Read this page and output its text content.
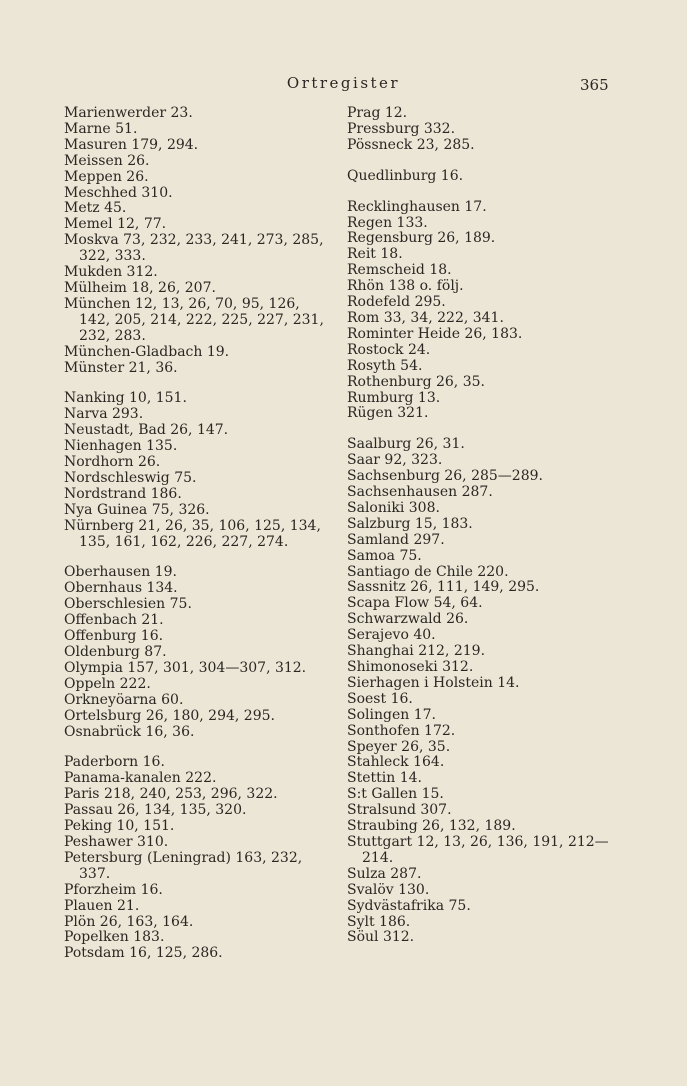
Ortregister	365
Marienwerder 23.
Marne 51.
Masuren 179, 294.
Meissen 26.
Meppen 26.
Meschhed 310.
Metz 45.
Memel 12, 77.
Moskva 73, 232, 233, 241, 273, 285, 322, 333.
Mukden 312.
Mülheim 18, 26, 207.
München 12, 13, 26, 70, 95, 126, 142, 205, 214, 222, 225, 227, 231, 232, 283.
München-Gladbach 19.
Münster 21, 36.
Nanking 10, 151.
Narva 293.
Neustadt, Bad 26, 147.
Nienhagen 135.
Nordhorn 26.
Nordschleswig 75.
Nordstrand 186.
Nya Guinea 75, 326.
Nürnberg 21, 26, 35, 106, 125, 134, 135, 161, 162, 226, 227, 274.
Oberhausen 19.
Obernhaus 134.
Oberschlesien 75.
Offenbach 21.
Offenburg 16.
Oldenburg 87.
Olympia 157, 301, 304—307, 312.
Oppeln 222.
Orkneyöarna 60.
Ortelsburg 26, 180, 294, 295.
Osnabrück 16, 36.
Paderborn 16.
Panama-kanalen 222.
Paris 218, 240, 253, 296, 322.
Passau 26, 134, 135, 320.
Peking 10, 151.
Peshawer 310.
Petersburg (Leningrad) 163, 232, 337.
Pforzheim 16.
Plauen 21.
Plön 26, 163, 164.
Popelken 183.
Potsdam 16, 125, 286.
Prag 12.
Pressburg 332.
Pössneck 23, 285.
Quedlinburg 16.
Recklinghausen 17.
Regen 133.
Regensburg 26, 189.
Reit 18.
Remscheid 18.
Rhön 138 o. följ.
Rodefeld 295.
Rom 33, 34, 222, 341.
Rominter Heide 26, 183.
Rostock 24.
Rosyth 54.
Rothenburg 26, 35.
Rumburg 13.
Rügen 321.
Saalburg 26, 31.
Saar 92, 323.
Sachsenburg 26, 285—289.
Sachsenhausen 287.
Saloniki 308.
Salzburg 15, 183.
Samland 297.
Samoa 75.
Santiago de Chile 220.
Sassnitz 26, 111, 149, 295.
Scapa Flow 54, 64.
Schwarzwald 26.
Serajevo 40.
Shanghai 212, 219.
Shimonoseki 312.
Sierhagen i Holstein 14.
Soest 16.
Solingen 17.
Sonthofen 172.
Speyer 26, 35.
Stahleck 164.
Stettin 14.
S:t Gallen 15.
Stralsund 307.
Straubing 26, 132, 189.
Stuttgart 12, 13, 26, 136, 191, 212—214.
Sulza 287.
Svalöv 130.
Sydvästafrika 75.
Sylt 186.
Söul 312.
